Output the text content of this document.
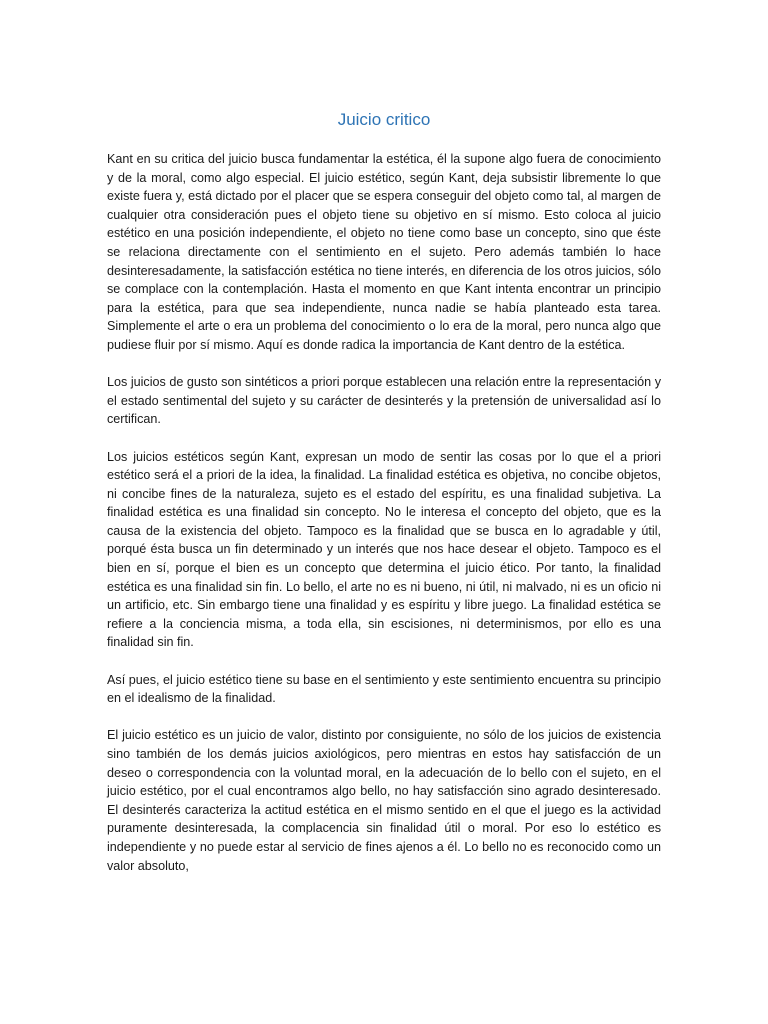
Juicio critico

Kant en su critica del juicio busca fundamentar la estética, él la supone algo fuera de conocimiento y de la moral, como algo especial. El juicio estético, según Kant, deja subsistir libremente lo que existe fuera y, está dictado por el placer que se espera conseguir del objeto como tal, al margen de cualquier otra consideración pues el objeto tiene su objetivo en sí mismo. Esto coloca al juicio estético en una posición independiente, el objeto no tiene como base un concepto, sino que éste se relaciona directamente con el sentimiento en el sujeto. Pero además también lo hace desinteresadamente, la satisfacción estética no tiene interés, en diferencia de los otros juicios, sólo se complace con la contemplación. Hasta el momento en que Kant intenta encontrar un principio para la estética, para que sea independiente, nunca nadie se había planteado esta tarea. Simplemente el arte o era un problema del conocimiento o lo era de la moral, pero nunca algo que pudiese fluir por sí mismo. Aquí es donde radica la importancia de Kant dentro de la estética.

Los juicios de gusto son sintéticos a priori porque establecen una relación entre la representación y el estado sentimental del sujeto y su carácter de desinterés y la pretensión de universalidad así lo certifican.

Los juicios estéticos según Kant, expresan un modo de sentir las cosas por lo que el a priori estético será el a priori de la idea, la finalidad. La finalidad estética es objetiva, no concibe objetos, ni concibe fines de la naturaleza, sujeto es el estado del espíritu, es una finalidad subjetiva. La finalidad estética es una finalidad sin concepto. No le interesa el concepto del objeto, que es la causa de la existencia del objeto. Tampoco es la finalidad que se busca en lo agradable y útil, porqué ésta busca un fin determinado y un interés que nos hace desear el objeto. Tampoco es el bien en sí, porque el bien es un concepto que determina el juicio ético. Por tanto, la finalidad estética es una finalidad sin fin. Lo bello, el arte no es ni bueno, ni útil, ni malvado, ni es un oficio ni un artificio, etc. Sin embargo tiene una finalidad y es espíritu y libre juego. La finalidad estética se refiere a la conciencia misma, a toda ella, sin escisiones, ni determinismos, por ello es una finalidad sin fin.

Así pues, el juicio estético tiene su base en el sentimiento y este sentimiento encuentra su principio en el idealismo de la finalidad.

El juicio estético es un juicio de valor, distinto por consiguiente, no sólo de los juicios de existencia sino también de los demás juicios axiológicos, pero mientras en estos hay satisfacción de un deseo o correspondencia con la voluntad moral, en la adecuación de lo bello con el sujeto, en el juicio estético, por el cual encontramos algo bello, no hay satisfacción sino agrado desinteresado. El desinterés caracteriza la actitud estética en el mismo sentido en el que el juego es la actividad puramente desinteresada, la complacencia sin finalidad útil o moral. Por eso lo estético es independiente y no puede estar al servicio de fines ajenos a él. Lo bello no es reconocido como un valor absoluto,
